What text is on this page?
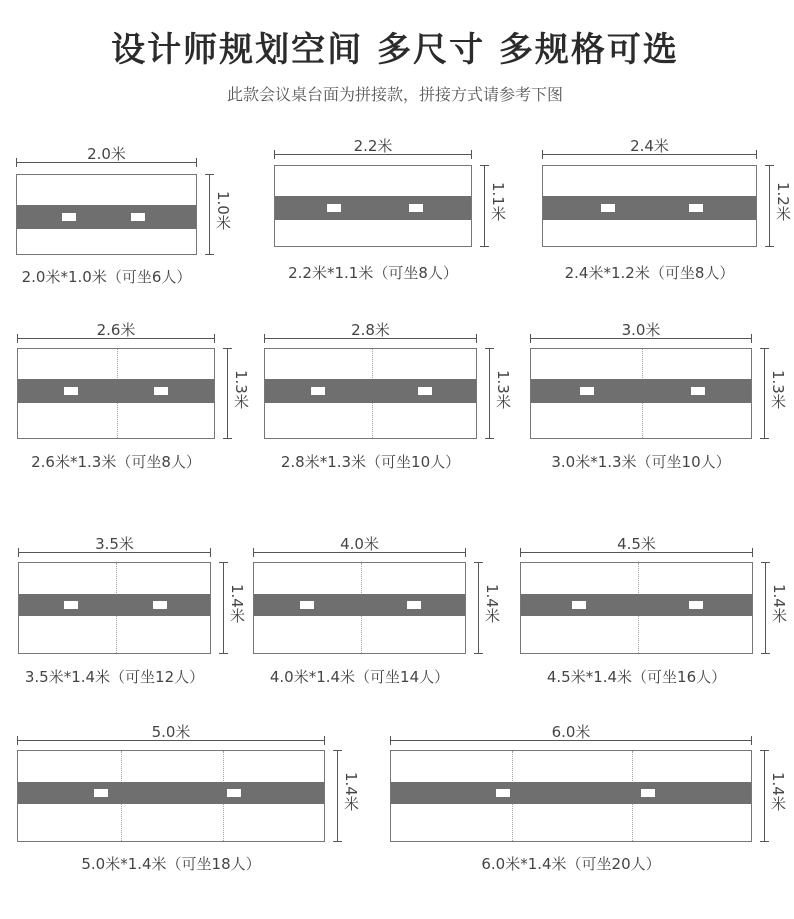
设计师规划空间 多尺寸 多规格可选
此款会议桌台面为拼接款，拼接方式请参考下图
2.0米
1.0米
2.0米*1.0米（可坐6人）
2.2米
1.1米
2.2米*1.1米（可坐8人）
2.4米
1.2米
2.4米*1.2米（可坐8人）
2.6米
1.3米
2.6米*1.3米（可坐8人）
2.8米
1.3米
2.8米*1.3米（可坐10人）
3.0米
1.3米
3.0米*1.3米（可坐10人）
3.5米
1.4米
3.5米*1.4米（可坐12人）
4.0米
1.4米
4.0米*1.4米（可坐14人）
4.5米
1.4米
4.5米*1.4米（可坐16人）
5.0米
1.4米
5.0米*1.4米（可坐18人）
6.0米
1.4米
6.0米*1.4米（可坐20人）
